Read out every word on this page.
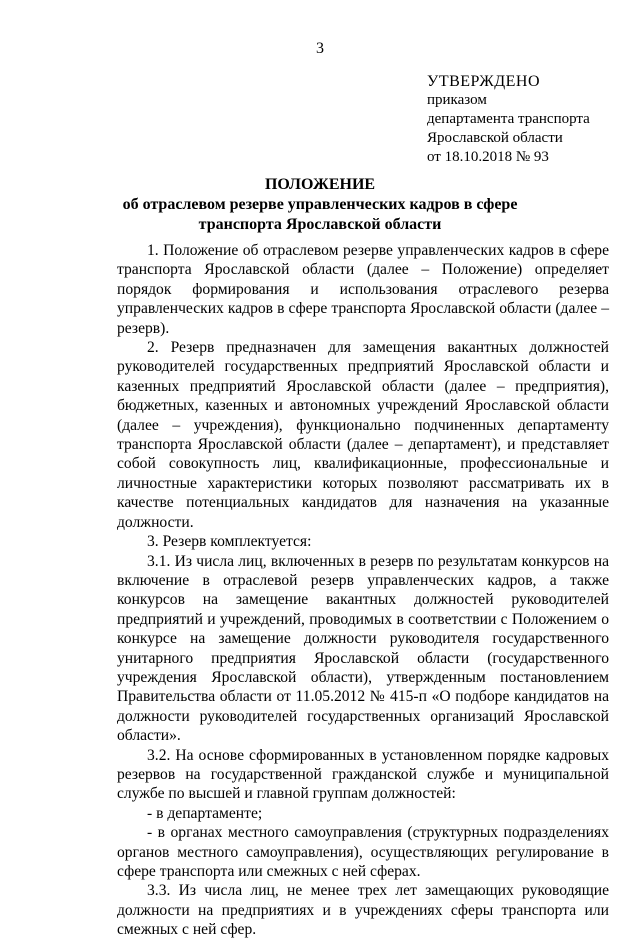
3
УТВЕРЖДЕНО
приказом
департамента транспорта
Ярославской области
от 18.10.2018 № 93
ПОЛОЖЕНИЕ
об отраслевом резерве управленческих кадров в сфере
транспорта Ярославской области

1. Положение об отраслевом резерве управленческих кадров в сфере транспорта Ярославской области (далее – Положение) определяет порядок формирования и использования отраслевого резерва управленческих кадров в сфере транспорта Ярославской области (далее – резерв).

2. Резерв предназначен для замещения вакантных должностей руководителей государственных предприятий Ярославской области и казенных предприятий Ярославской области (далее – предприятия), бюджетных, казенных и автономных учреждений Ярославской области (далее – учреждения), функционально подчиненных департаменту транспорта Ярославской области (далее – департамент), и представляет собой совокупность лиц, квалификационные, профессиональные и личностные характеристики которых позволяют рассматривать их в качестве потенциальных кандидатов для назначения на указанные должности.

3. Резерв комплектуется:

3.1. Из числа лиц, включенных в резерв по результатам конкурсов на включение в отраслевой резерв управленческих кадров, а также конкурсов на замещение вакантных должностей руководителей предприятий и учреждений, проводимых в соответствии с Положением о конкурсе на замещение должности руководителя государственного унитарного предприятия Ярославской области (государственного учреждения Ярославской области), утвержденным постановлением Правительства области от 11.05.2012 № 415-п «О подборе кандидатов на должности руководителей государственных организаций Ярославской области».

3.2. На основе сформированных в установленном порядке кадровых резервов на государственной гражданской службе и муниципальной службе по высшей и главной группам должностей:

- в департаменте;

- в органах местного самоуправления (структурных подразделениях органов местного самоуправления), осуществляющих регулирование в сфере транспорта или смежных с ней сферах.

3.3. Из числа лиц, не менее трех лет замещающих руководящие должности на предприятиях и в учреждениях сферы транспорта или смежных с ней сфер.
